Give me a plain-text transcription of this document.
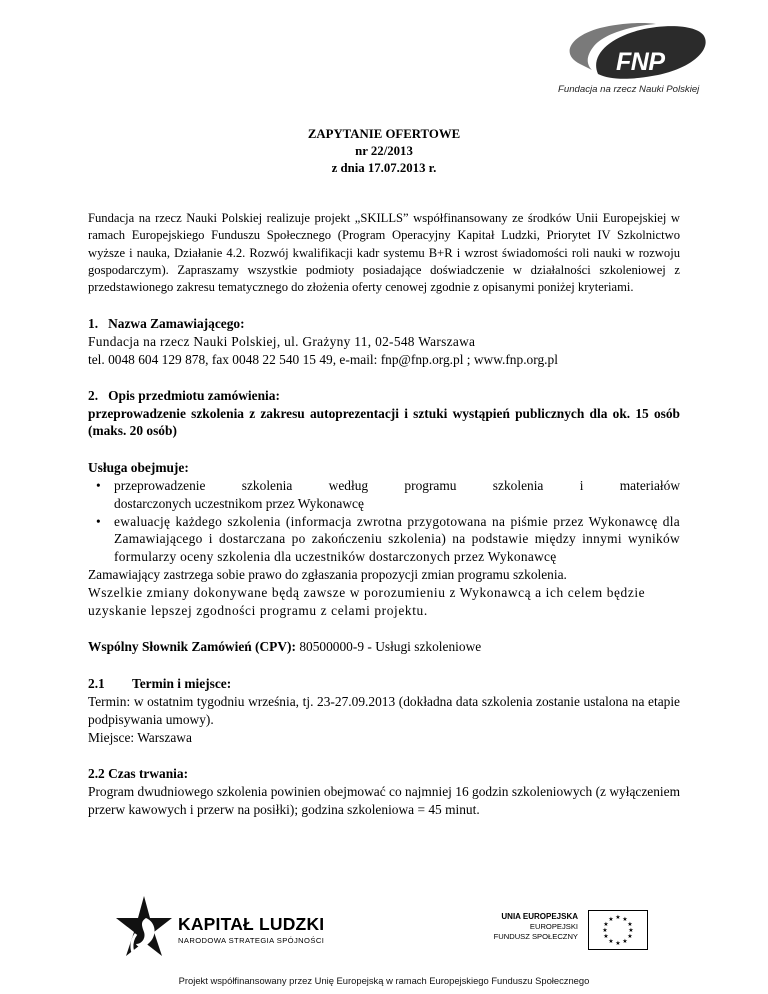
FNP
Fundacja na rzecz Nauki Polskiej
ZAPYTANIE OFERTOWE
nr 22/2013
z dnia 17.07.2013 r.

Fundacja na rzecz Nauki Polskiej realizuje projekt „SKILLS” współfinansowany ze środków Unii Europejskiej w ramach Europejskiego Funduszu Społecznego (Program Operacyjny Kapitał Ludzki, Priorytet IV Szkolnictwo wyższe i nauka, Działanie 4.2. Rozwój kwalifikacji kadr systemu B+R i wzrost świadomości roli nauki w rozwoju gospodarczym). Zapraszamy wszystkie podmioty posiadające doświadczenie w działalności szkoleniowej z przedstawionego zakresu tematycznego do złożenia oferty cenowej zgodnie z opisanymi poniżej kryteriami.

1.   Nazwa Zamawiającego:

Fundacja na rzecz Nauki Polskiej, ul. Grażyny 11, 02-548 Warszawa

tel. 0048 604 129 878, fax 0048 22 540 15 49, e-mail: fnp@fnp.org.pl ; www.fnp.org.pl

2.   Opis przedmiotu zamówienia:

przeprowadzenie szkolenia z zakresu autoprezentacji i sztuki wystąpień publicznych dla ok. 15 osób (maks. 20 osób)

Usługa obejmuje:

• przeprowadzenie szkolenia według programu szkolenia i materiałów
dostarczonych uczestnikom przez Wykonawcę
• ewaluację każdego szkolenia (informacja zwrotna przygotowana na piśmie przez Wykonawcę dla Zamawiającego i dostarczana po zakończeniu szkolenia) na podstawie między innymi wyników formularzy oceny szkolenia dla uczestników dostarczonych przez Wykonawcę

Zamawiający zastrzega sobie prawo do zgłaszania propozycji zmian programu szkolenia.

Wszelkie zmiany dokonywane będą zawsze w porozumieniu z Wykonawcą a ich celem będzie uzyskanie lepszej zgodności programu z celami projektu.

Wspólny Słownik Zamówień (CPV): 80500000-9 - Usługi szkoleniowe

2.1 Termin i miejsce:

Termin: w ostatnim tygodniu września, tj. 23-27.09.2013 (dokładna data szkolenia zostanie ustalona na etapie podpisywania umowy).

Miejsce: Warszawa

2.2 Czas trwania:

Program dwudniowego szkolenia powinien obejmować co najmniej 16 godzin szkoleniowych (z wyłączeniem przerw kawowych i przerw na posiłki); godzina szkoleniowa = 45 minut.

KAPITAŁ LUDZKI
NARODOWA STRATEGIA SPÓJNOŚCI
UNIA EUROPEJSKA
EUROPEJSKI
FUNDUSZ SPOŁECZNY
★ ★
★
★
★
★
★
★
★
★
★
★
Projekt współfinansowany przez Unię Europejską w ramach Europejskiego Funduszu Społecznego
